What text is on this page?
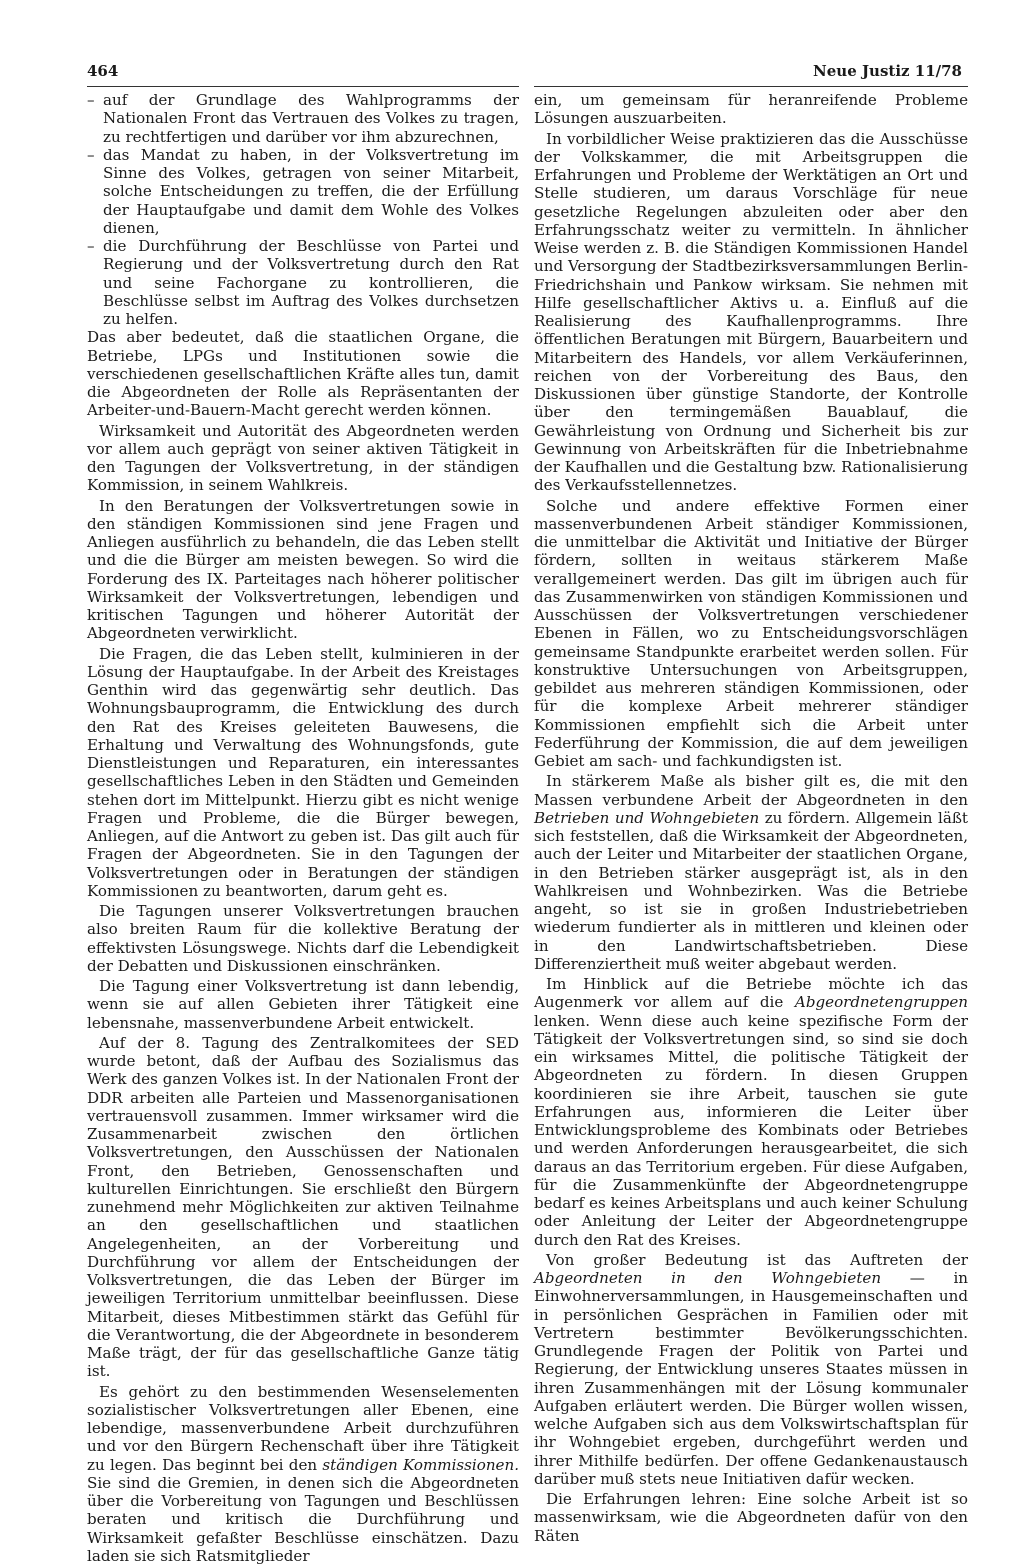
464	Neue Justiz 11/78

– auf der Grundlage des Wahlprogramms der Nationalen Front das Vertrauen des Volkes zu tragen, zu rechtfertigen und darüber vor ihm abzurechnen,

– das Mandat zu haben, in der Volksvertretung im Sinne des Volkes, getragen von seiner Mitarbeit, solche Entscheidungen zu treffen, die der Erfüllung der Hauptaufgabe und damit dem Wohle des Volkes dienen,

– die Durchführung der Beschlüsse von Partei und Regierung und der Volksvertretung durch den Rat und seine Fachorgane zu kontrollieren, die Beschlüsse selbst im Auftrag des Volkes durchsetzen zu helfen.

Das aber bedeutet, daß die staatlichen Organe, die Betriebe, LPGs und Institutionen sowie die verschiedenen gesellschaftlichen Kräfte alles tun, damit die Abgeordneten der Rolle als Repräsentanten der Arbeiter-und-Bauern-Macht gerecht werden können.

Wirksamkeit und Autorität des Abgeordneten werden vor allem auch geprägt von seiner aktiven Tätigkeit in den Tagungen der Volksvertretung, in der ständigen Kommission, in seinem Wahlkreis.

In den Beratungen der Volksvertretungen sowie in den ständigen Kommissionen sind jene Fragen und Anliegen ausführlich zu behandeln, die das Leben stellt und die die Bürger am meisten bewegen. So wird die Forderung des IX. Parteitages nach höherer politischer Wirksamkeit der Volksvertretungen, lebendigen und kritischen Tagungen und höherer Autorität der Abgeordneten verwirklicht.

Die Fragen, die das Leben stellt, kulminieren in der Lösung der Hauptaufgabe. In der Arbeit des Kreistages Genthin wird das gegenwärtig sehr deutlich. Das Wohnungsbauprogramm, die Entwicklung des durch den Rat des Kreises geleiteten Bauwesens, die Erhaltung und Verwaltung des Wohnungsfonds, gute Dienstleistungen und Reparaturen, ein interessantes gesellschaftliches Leben in den Städten und Gemeinden stehen dort im Mittelpunkt. Hierzu gibt es nicht wenige Fragen und Probleme, die die Bürger bewegen, Anliegen, auf die Antwort zu geben ist. Das gilt auch für Fragen der Abgeordneten. Sie in den Tagungen der Volksvertretungen oder in Beratungen der ständigen Kommissionen zu beantworten, darum geht es.

Die Tagungen unserer Volksvertretungen brauchen also breiten Raum für die kollektive Beratung der effektivsten Lösungswege. Nichts darf die Lebendigkeit der Debatten und Diskussionen einschränken.

Die Tagung einer Volksvertretung ist dann lebendig, wenn sie auf allen Gebieten ihrer Tätigkeit eine lebensnahe, massenverbundene Arbeit entwickelt.

Auf der 8. Tagung des Zentralkomitees der SED wurde betont, daß der Aufbau des Sozialismus das Werk des ganzen Volkes ist. In der Nationalen Front der DDR arbeiten alle Parteien und Massenorganisationen vertrauensvoll zusammen. Immer wirksamer wird die Zusammenarbeit zwischen den örtlichen Volksvertretungen, den Ausschüssen der Nationalen Front, den Betrieben, Genossenschaften und kulturellen Einrichtungen. Sie erschließt den Bürgern zunehmend mehr Möglichkeiten zur aktiven Teilnahme an den gesellschaftlichen und staatlichen Angelegenheiten, an der Vorbereitung und Durchführung vor allem der Entscheidungen der Volksvertretungen, die das Leben der Bürger im jeweiligen Territorium unmittelbar beeinflussen. Diese Mitarbeit, dieses Mitbestimmen stärkt das Gefühl für die Verantwortung, die der Abgeordnete in besonderem Maße trägt, der für das gesellschaftliche Ganze tätig ist.

Es gehört zu den bestimmenden Wesenselementen sozialistischer Volksvertretungen aller Ebenen, eine lebendige, massenverbundene Arbeit durchzuführen und vor den Bürgern Rechenschaft über ihre Tätigkeit zu legen. Das beginnt bei den ständigen Kommissionen. Sie sind die Gremien, in denen sich die Abgeordneten über die Vorbereitung von Tagungen und Beschlüssen beraten und kritisch die Durchführung und Wirksamkeit gefaßter Beschlüsse einschätzen. Dazu laden sie sich Ratsmitglieder

ein, um gemeinsam für heranreifende Probleme Lösungen auszuarbeiten.

In vorbildlicher Weise praktizieren das die Ausschüsse der Volkskammer, die mit Arbeitsgruppen die Erfahrungen und Probleme der Werktätigen an Ort und Stelle studieren, um daraus Vorschläge für neue gesetzliche Regelungen abzuleiten oder aber den Erfahrungsschatz weiter zu vermitteln. In ähnlicher Weise werden z. B. die Ständigen Kommissionen Handel und Versorgung der Stadtbezirksversammlungen Berlin-Friedrichshain und Pankow wirksam. Sie nehmen mit Hilfe gesellschaftlicher Aktivs u. a. Einfluß auf die Realisierung des Kaufhallenprogramms. Ihre öffentlichen Beratungen mit Bürgern, Bauarbeitern und Mitarbeitern des Handels, vor allem Verkäuferinnen, reichen von der Vorbereitung des Baus, den Diskussionen über günstige Standorte, der Kontrolle über den termingemäßen Bauablauf, die Gewährleistung von Ordnung und Sicherheit bis zur Gewinnung von Arbeitskräften für die Inbetriebnahme der Kaufhallen und die Gestaltung bzw. Rationalisierung des Verkaufsstellennetzes.

Solche und andere effektive Formen einer massenverbundenen Arbeit ständiger Kommissionen, die unmittelbar die Aktivität und Initiative der Bürger fördern, sollten in weitaus stärkerem Maße verallgemeinert werden. Das gilt im übrigen auch für das Zusammenwirken von ständigen Kommissionen und Ausschüssen der Volksvertretungen verschiedener Ebenen in Fällen, wo zu Entscheidungsvorschlägen gemeinsame Standpunkte erarbeitet werden sollen. Für konstruktive Untersuchungen von Arbeitsgruppen, gebildet aus mehreren ständigen Kommissionen, oder für die komplexe Arbeit mehrerer ständiger Kommissionen empfiehlt sich die Arbeit unter Federführung der Kommission, die auf dem jeweiligen Gebiet am sach- und fachkundigsten ist.

In stärkerem Maße als bisher gilt es, die mit den Massen verbundene Arbeit der Abgeordneten in den Betrieben und Wohngebieten zu fördern. Allgemein läßt sich feststellen, daß die Wirksamkeit der Abgeordneten, auch der Leiter und Mitarbeiter der staatlichen Organe, in den Betrieben stärker ausgeprägt ist, als in den Wahlkreisen und Wohnbezirken. Was die Betriebe angeht, so ist sie in großen Industriebetrieben wiederum fundierter als in mittleren und kleinen oder in den Landwirtschaftsbetrieben. Diese Differenziertheit muß weiter abgebaut werden.

Im Hinblick auf die Betriebe möchte ich das Augenmerk vor allem auf die Abgeordnetengruppen lenken. Wenn diese auch keine spezifische Form der Tätigkeit der Volksvertretungen sind, so sind sie doch ein wirksames Mittel, die politische Tätigkeit der Abgeordneten zu fördern. In diesen Gruppen koordinieren sie ihre Arbeit, tauschen sie gute Erfahrungen aus, informieren die Leiter über Entwicklungsprobleme des Kombinats oder Betriebes und werden Anforderungen herausgearbeitet, die sich daraus an das Territorium ergeben. Für diese Aufgaben, für die Zusammenkünfte der Abgeordnetengruppe bedarf es keines Arbeitsplans und auch keiner Schulung oder Anleitung der Leiter der Abgeordnetengruppe durch den Rat des Kreises.

Von großer Bedeutung ist das Auftreten der Abgeordneten in den Wohngebieten — in Einwohnerversammlungen, in Hausgemeinschaften und in persönlichen Gesprächen in Familien oder mit Vertretern bestimmter Bevölkerungsschichten. Grundlegende Fragen der Politik von Partei und Regierung, der Entwicklung unseres Staates müssen in ihren Zusammenhängen mit der Lösung kommunaler Aufgaben erläutert werden. Die Bürger wollen wissen, welche Aufgaben sich aus dem Volkswirtschaftsplan für ihr Wohngebiet ergeben, durchgeführt werden und ihrer Mithilfe bedürfen. Der offene Gedankenaustausch darüber muß stets neue Initiativen dafür wecken.

Die Erfahrungen lehren: Eine solche Arbeit ist so massenwirksam, wie die Abgeordneten dafür von den Räten
